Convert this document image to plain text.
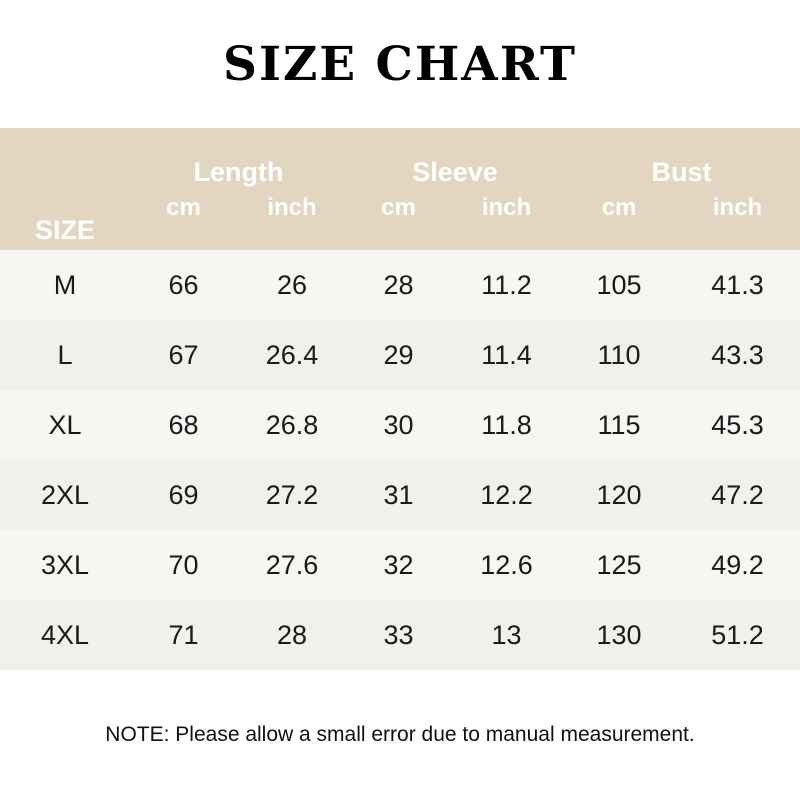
SIZE CHART
SIZE	Length		Sleeve		Bust	
	cm	inch	cm	inch	cm	inch
M	66	26	28	11.2	105	41.3
L	67	26.4	29	11.4	110	43.3
XL	68	26.8	30	11.8	115	45.3
2XL	69	27.2	31	12.2	120	47.2
3XL	70	27.6	32	12.6	125	49.2
4XL	71	28	33	13	130	51.2
NOTE: Please allow a small error due to manual measurement.
